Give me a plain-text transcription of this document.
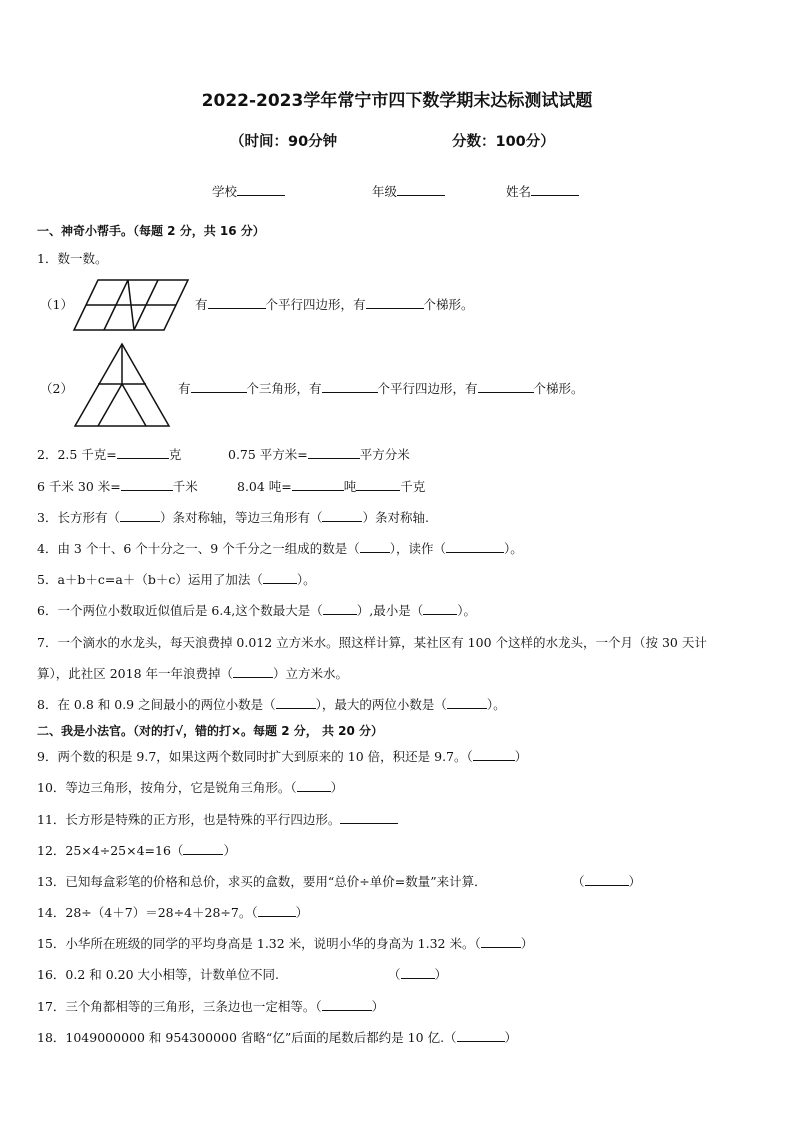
2022-2023学年常宁市四下数学期末达标测试试题
（时间：90分钟	分数：100分）
学校	年级	姓名
一、神奇小帮手。（每题 2 分，共 16 分）
1．数一数。
（1）	有	个平行四边形，有	个梯形。
（2）	有	个三角形，有	个平行四边形，有	个梯形。
2．2.5 千克=	克	0.75 平方米=	平方分米
6 千米 30 米=	千米	8.04 吨=	吨	千克
3．长方形有（	）条对称轴，等边三角形有（	）条对称轴.
4．由 3 个十、6 个十分之一、9 个千分之一组成的数是（ ），读作（	）。
5．a＋b＋c=a＋（b＋c）运用了加法（	）。
6．一个两位小数取近似值后是 6.4,这个数最大是（	）,最小是（	）。
7．一个滴水的水龙头，每天浪费掉 0.012 立方米水。照这样计算，某社区有 100 个这样的水龙头，一个月（按 30 天计
算），此社区 2018 年一年浪费掉（	）立方米水。
8．在 0.8 和 0.9 之间最小的两位小数是（	），最大的两位小数是（	）。
二、我是小法官。（对的打√，错的打×。每题 2 分， 共 20 分）
9．两个数的积是 9.7，如果这两个数同时扩大到原来的 10 倍，积还是 9.7。（	）
10．等边三角形，按角分，它是锐角三角形。（	）
11．长方形是特殊的正方形，也是特殊的平行四边形。
12．25×4÷25×4=16（	）
13．已知每盒彩笔的价格和总价，求买的盒数，要用“总价÷单价=数量”来计算．	（	）
14．28÷（4＋7）＝28÷4＋28÷7。（	）
15．小华所在班级的同学的平均身高是 1.32 米，说明小华的身高为 1.32 米。（	）
16．0.2 和 0.20 大小相等，计数单位不同.	（	）
17．三个角都相等的三角形，三条边也一定相等。（	）
18．1049000000 和 954300000 省略“亿”后面的尾数后都约是 10 亿.（	）
